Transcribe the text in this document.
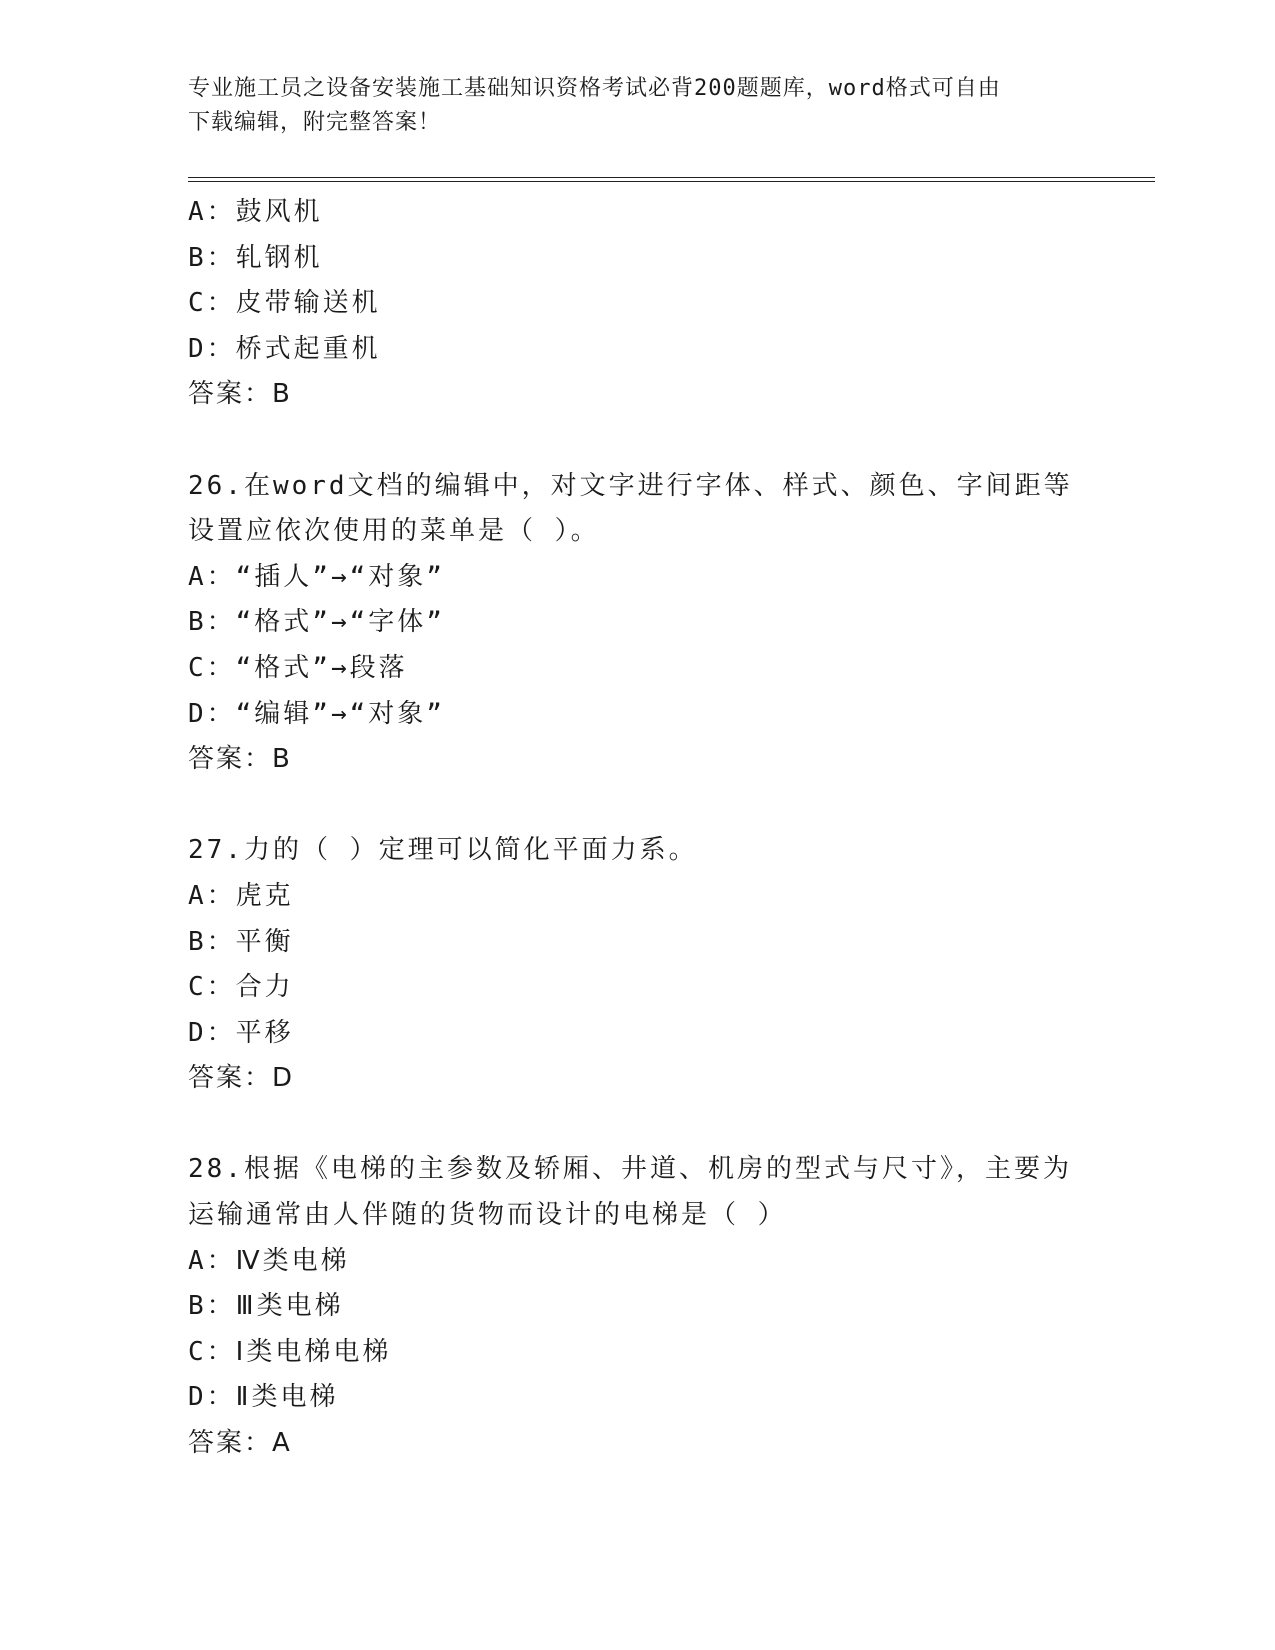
专业施工员之设备安装施工基础知识资格考试必背200题题库，word格式可自由
下载编辑，附完整答案！
A：鼓风机
B：轧钢机
C：皮带输送机
D：桥式起重机
答案：B
26.在word文档的编辑中，对文字进行字体、样式、颜色、字间距等
设置应依次使用的菜单是（ ）。
A：“插人”→“对象”
B：“格式”→“字体”
C：“格式”→段落
D：“编辑”→“对象”
答案：B
27.力的（ ）定理可以简化平面力系。
A：虎克
B：平衡
C：合力
D：平移
答案：D
28.根据《电梯的主参数及轿厢、井道、机房的型式与尺寸》，主要为
运输通常由人伴随的货物而设计的电梯是（ ）
A：Ⅳ类电梯
B：Ⅲ类电梯
C：Ⅰ类电梯电梯
D：Ⅱ类电梯
答案：A
